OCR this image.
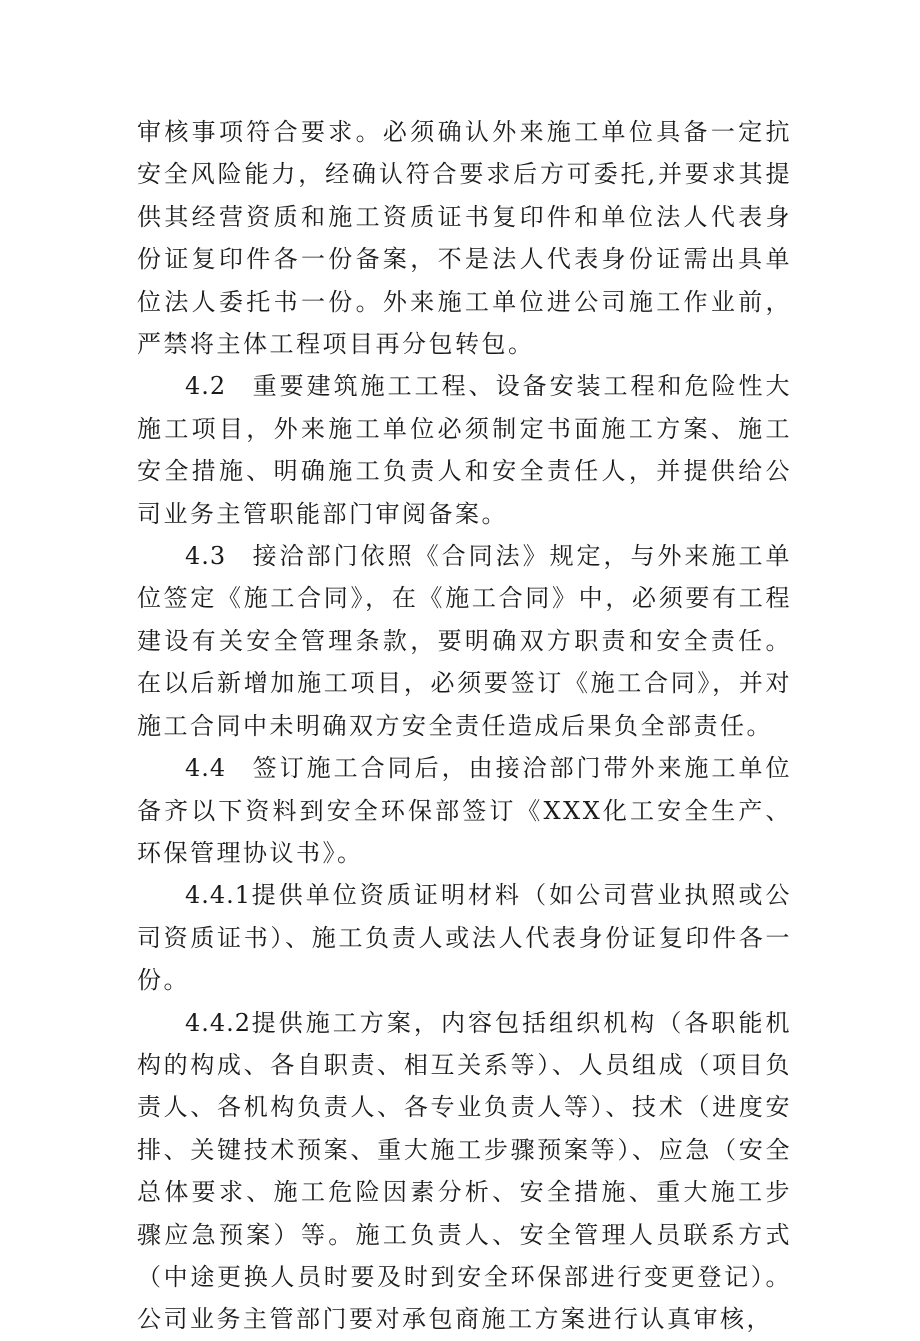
审核事项符合要求。必须确认外来施工单位具备一定抗安全风险能力，经确认符合要求后方可委托,并要求其提供其经营资质和施工资质证书复印件和单位法人代表身份证复印件各一份备案，不是法人代表身份证需出具单位法人委托书一份。外来施工单位进公司施工作业前，严禁将主体工程项目再分包转包。

4.2 重要建筑施工工程、设备安装工程和危险性大施工项目，外来施工单位必须制定书面施工方案、施工安全措施、明确施工负责人和安全责任人，并提供给公司业务主管职能部门审阅备案。

4.3 接洽部门依照《合同法》规定，与外来施工单位签定《施工合同》，在《施工合同》中，必须要有工程建设有关安全管理条款，要明确双方职责和安全责任。在以后新增加施工项目，必须要签订《施工合同》，并对施工合同中未明确双方安全责任造成后果负全部责任。

4.4 签订施工合同后，由接洽部门带外来施工单位备齐以下资料到安全环保部签订《XXX化工安全生产、环保管理协议书》。

4.4.1提供单位资质证明材料（如公司营业执照或公司资质证书）、施工负责人或法人代表身份证复印件各一份。

4.4.2提供施工方案，内容包括组织机构（各职能机构的构成、各自职责、相互关系等）、人员组成（项目负责人、各机构负责人、各专业负责人等）、技术（进度安排、关键技术预案、重大施工步骤预案等）、应急（安全总体要求、施工危险因素分析、安全措施、重大施工步骤应急预案）等。施工负责人、安全管理人员联系方式（中途更换人员时要及时到安全环保部进行变更登记）。公司业务主管部门要对承包商施工方案进行认真审核，
